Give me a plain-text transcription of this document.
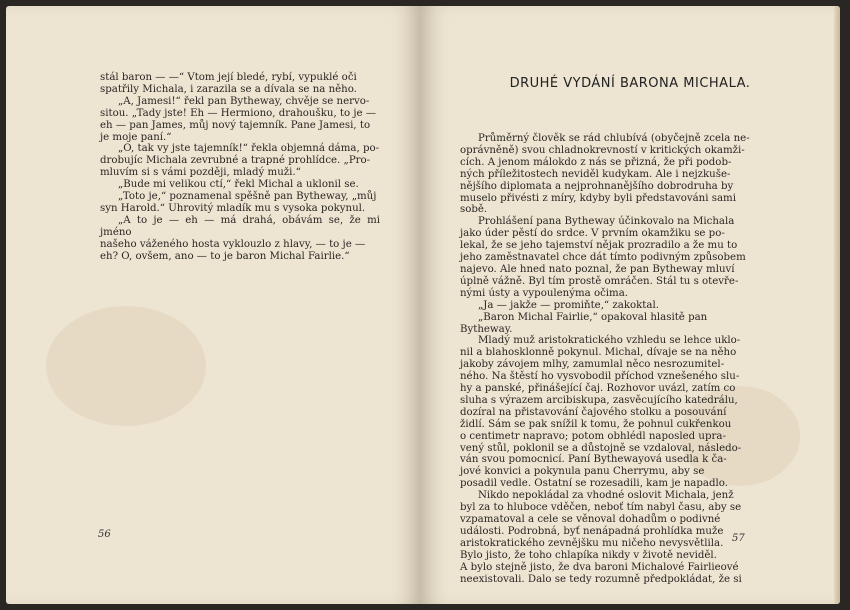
stál baron — —“ Vtom její bledé, rybí, vypuklé oči

spatřily Michala, i zarazila se a dívala se na něho.

„A, Jamesi!“ řekl pan Bytheway, chvěje se nervo-

sitou. „Tady jste! Eh — Hermiono, drahoušku, to je —

eh — pan James, můj nový tajemník. Pane Jamesi, to

je moje paní.“

„O, tak vy jste tajemník!“ řekla objemná dáma, po-

drobujíc Michala zevrubné a trapné prohlídce. „Pro-

mluvím si s vámi později, mladý muži.“

„Bude mi velikou ctí,“ řekl Michal a uklonil se.

„Toto je,“ poznamenal spěšně pan Bytheway, „můj

syn Harold.“ Uhrovitý mladík mu s vysoka pokynul.

„A to je — eh — má drahá, obávám se, že mi jméno

našeho váženého hosta vyklouzlo z hlavy, — to je —

eh? O, ovšem, ano — to je baron Michal Fairlie.“

56
DRUHÉ VYDÁNÍ BARONA MICHALA.

Průměrný člověk se rád chlubívá (obyčejně zcela ne-

oprávněně) svou chladnokrevností v kritických okamži-

cích. A jenom málokdo z nás se přizná, že při podob-

ných příležitostech neviděl kudykam. Ale i nejzkuše-

nějšího diplomata a nejprohnanějšího dobrodruha by

muselo přivésti z míry, kdyby byli představováni sami

sobě.

Prohlášení pana Bytheway účinkovalo na Michala

jako úder pěstí do srdce. V prvním okamžiku se po-

lekal, že se jeho tajemství nějak prozradilo a že mu to

jeho zaměstnavatel chce dát tímto podivným způsobem

najevo. Ale hned nato poznal, že pan Bytheway mluví

úplně vážně. Byl tím prostě omráčen. Stál tu s otevře-

nými ústy a vypoulenýma očima.

„Ja — jakže — promiňte,“ zakoktal.

„Baron Michal Fairlie,“ opakoval hlasitě pan

Bytheway.

Mladý muž aristokratického vzhledu se lehce uklo-

nil a blahosklonně pokynul. Michal, dívaje se na něho

jakoby závojem mlhy, zamumlal něco nesrozumitel-

ného. Na štěstí ho vysvobodil příchod vznešeného slu-

hy a panské, přinášející čaj. Rozhovor uvázl, zatím co

sluha s výrazem arcibiskupa, zasvěcujícího katedrálu,

dozíral na přistavování čajového stolku a posouvání

židlí. Sám se pak snížil k tomu, že pohnul cukřenkou

o centimetr napravo; potom obhlédl naposled upra-

vený stůl, poklonil se a důstojně se vzdaloval, následo-

ván svou pomocnicí. Paní Bythewayová usedla k ča-

jové konvici a pokynula panu Cherrymu, aby se

posadil vedle. Ostatní se rozesadili, kam je napadlo.

Nikdo nepokládal za vhodné oslovit Michala, jenž

byl za to hluboce vděčen, neboť tím nabyl času, aby se

vzpamatoval a cele se věnoval dohadům o podivné

události. Podrobná, byť nenápadná prohlídka muže

aristokratického zevnějšku mu ničeho nevysvětlila.

Bylo jisto, že toho chlapíka nikdy v životě neviděl.

A bylo stejně jisto, že dva baroni Michalové Fairlieové

neexistovali. Dalo se tedy rozumně předpokládat, že si

57
